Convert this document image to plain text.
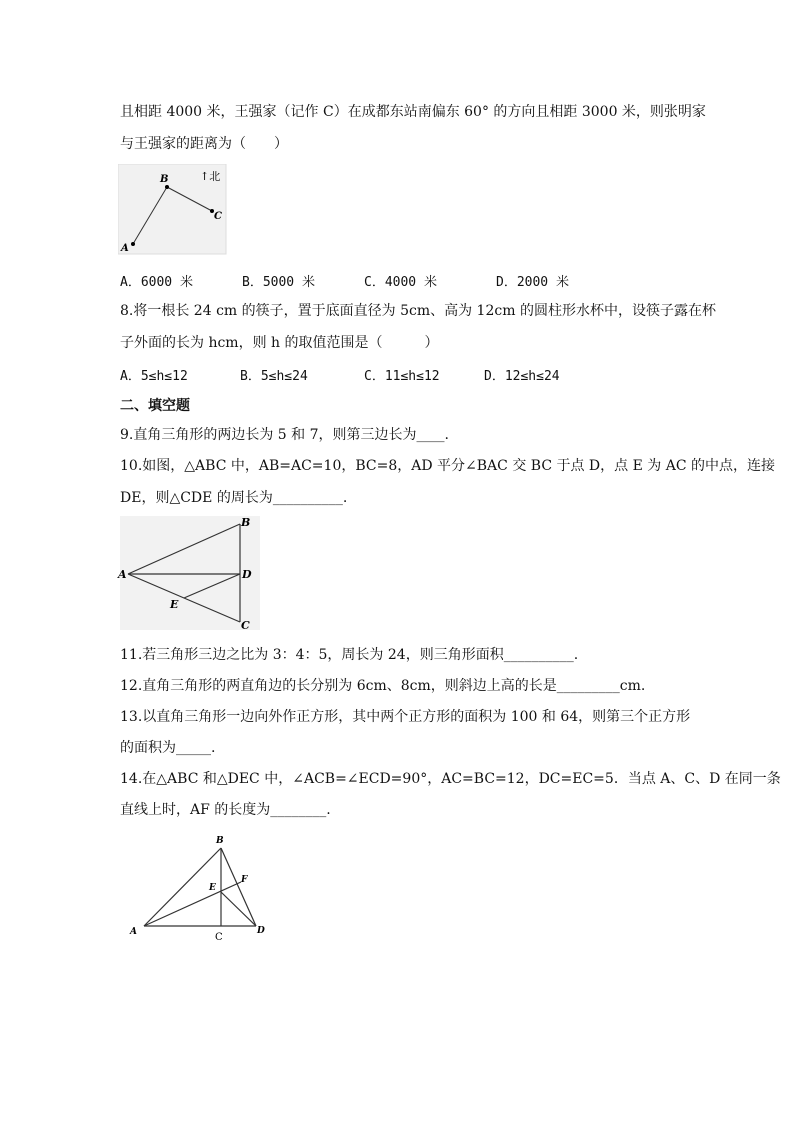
且相距 4000 米，王强家（记作 C）在成都东站南偏东 60° 的方向且相距 3000 米，则张明家
与王强家的距离为（　　）
A
B
C
↑北
A．6000 米	B．5000 米	C．4000 米	D．2000 米
8.将一根长 24 cm 的筷子，置于底面直径为 5cm、高为 12cm 的圆柱形水杯中，设筷子露在杯
子外面的长为 hcm，则 h 的取值范围是（　　　）
A．5≤h≤12	B．5≤h≤24	C．11≤h≤12	D．12≤h≤24
二、填空题
9.直角三角形的两边长为 5 和 7，则第三边长为____.
10.如图，△ABC 中，AB=AC=10，BC=8，AD 平分∠BAC 交 BC 于点 D，点 E 为 AC 的中点，连接
DE，则△CDE 的周长为__________.
A
B
C
D
E
11.若三角形三边之比为 3：4：5，周长为 24，则三角形面积__________.
12.直角三角形的两直角边的长分别为 6cm、8cm，则斜边上高的长是_________cm.
13.以直角三角形一边向外作正方形，其中两个正方形的面积为 100 和 64，则第三个正方形
的面积为_____.
14.在△ABC 和△DEC 中，∠ACB=∠ECD=90°，AC=BC=12，DC=EC=5．当点 A、C、D 在同一条
直线上时，AF 的长度为________.
A
B
C
D
E
F
